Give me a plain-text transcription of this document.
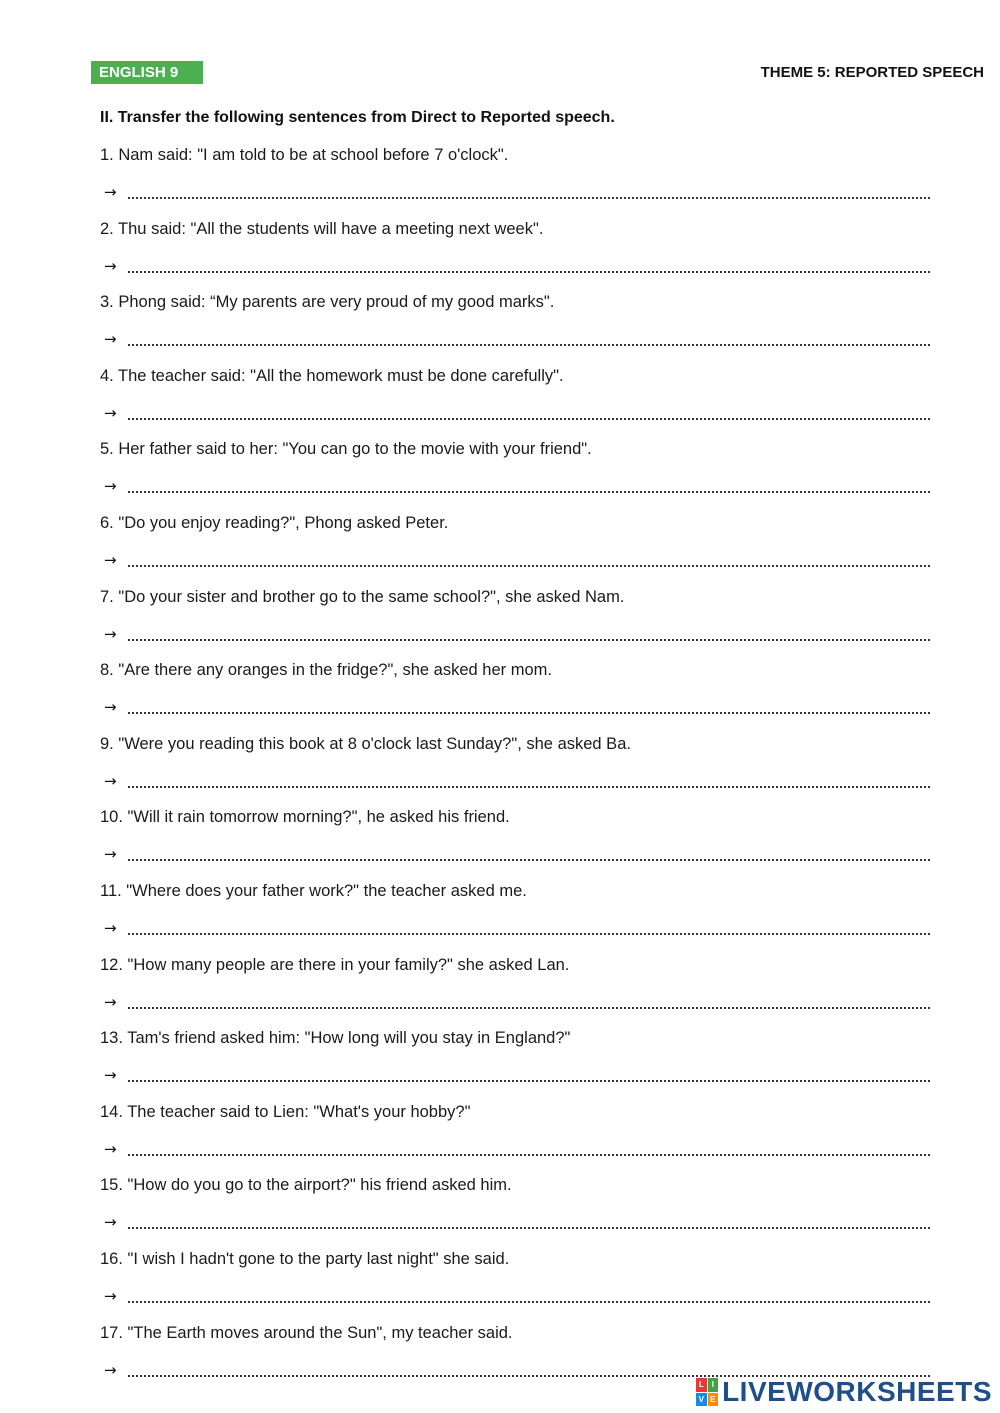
ENGLISH 9	THEME 5: REPORTED SPEECH
II. Transfer the following sentences from Direct to Reported speech.
1. Nam said: "I am told to be at school before 7 o'clock".
→
2. Thu said: "All the students will have a meeting next week".
→
3. Phong said: “My parents are very proud of my good marks".
→
4. The teacher said: "All the homework must be done carefully".
→
5. Her father said to her: "You can go to the movie with your friend".
→
6. "Do you enjoy reading?", Phong asked Peter.
→
7. "Do your sister and brother go to the same school?", she asked Nam.
→
8. "Are there any oranges in the fridge?", she asked her mom.
→
9. "Were you reading this book at 8 o'clock last Sunday?", she asked Ba.
→
10. "Will it rain tomorrow morning?", he asked his friend.
→
11. "Where does your father work?" the teacher asked me.
→
12. "How many people are there in your family?" she asked Lan.
→
13. Tam's friend asked him: "How long will you stay in England?"
→
14. The teacher said to Lien: "What's your hobby?"
→
15. "How do you go to the airport?" his friend asked him.
→
16. "I wish I hadn't gone to the party last night" she said.
→
17. "The Earth moves around the Sun", my teacher said.
→
L I
V E LIVEWORKSHEETS
